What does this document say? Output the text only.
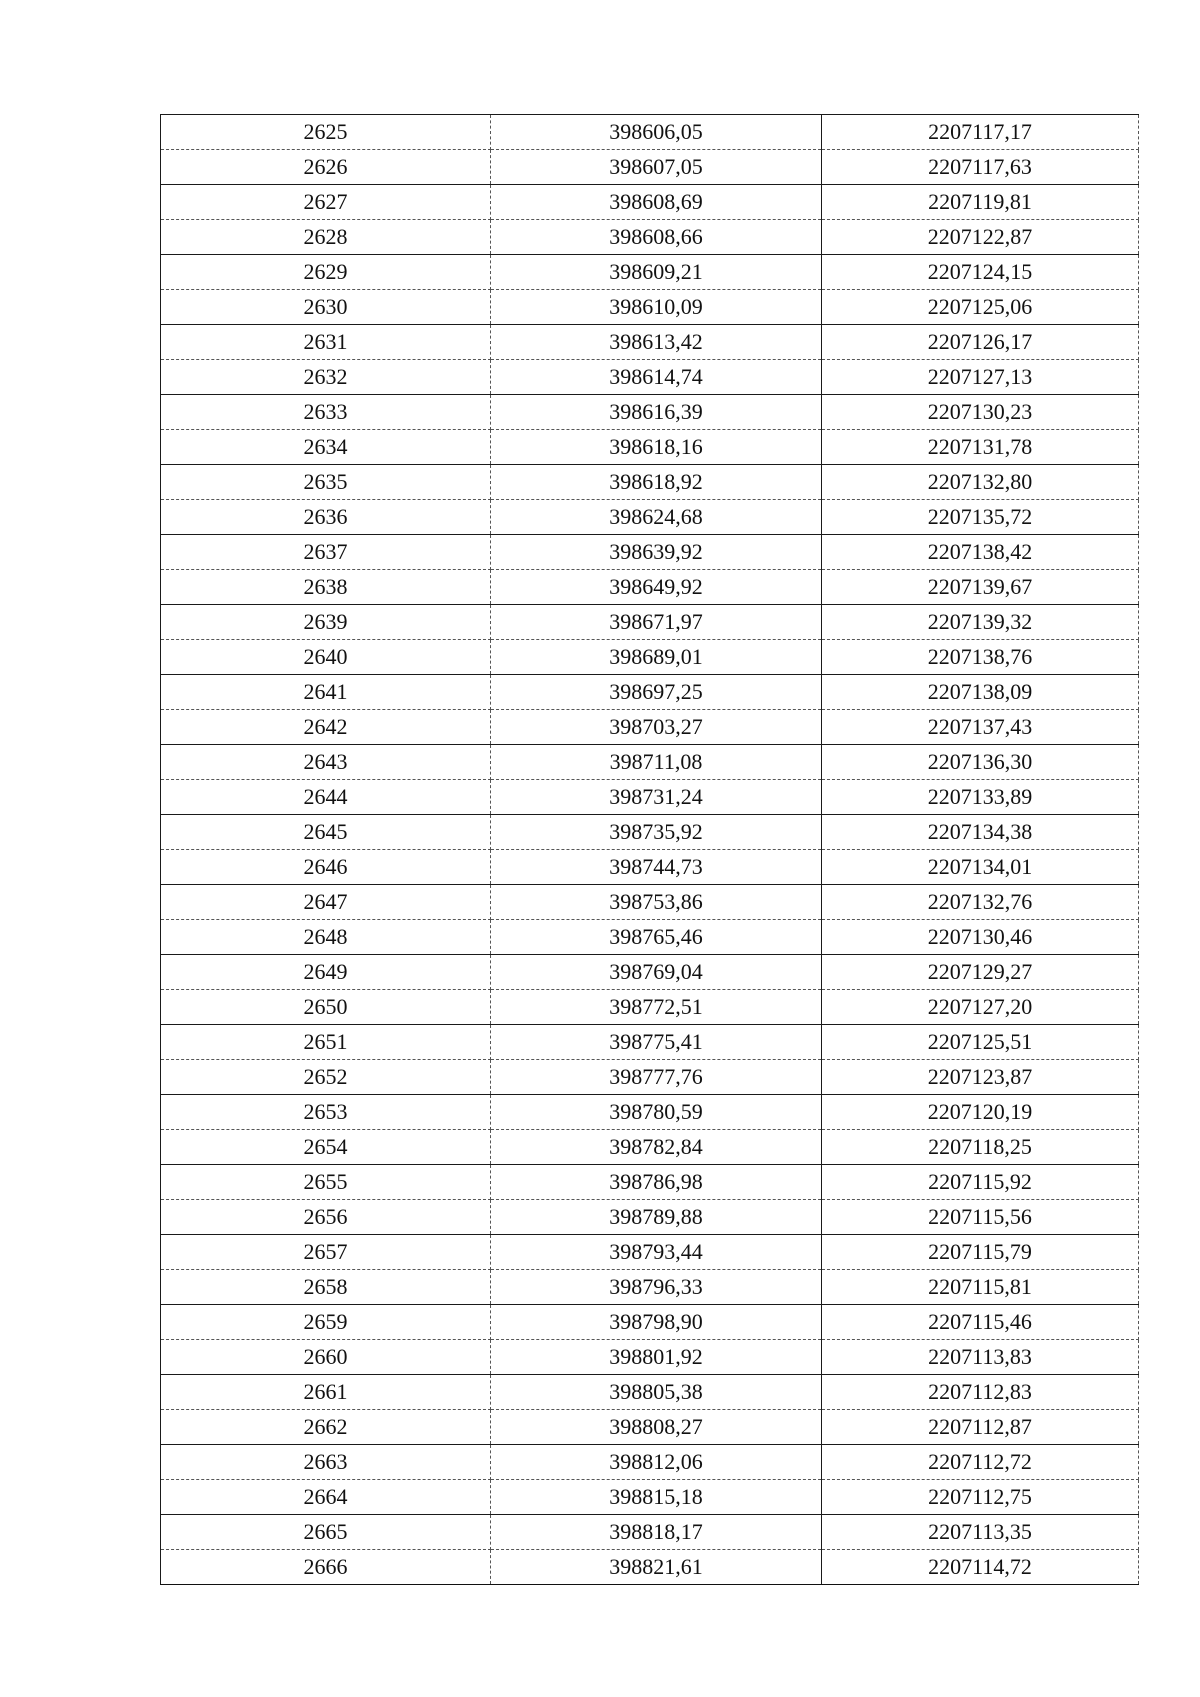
2625	398606,05	2207117,17
2626	398607,05	2207117,63
2627	398608,69	2207119,81
2628	398608,66	2207122,87
2629	398609,21	2207124,15
2630	398610,09	2207125,06
2631	398613,42	2207126,17
2632	398614,74	2207127,13
2633	398616,39	2207130,23
2634	398618,16	2207131,78
2635	398618,92	2207132,80
2636	398624,68	2207135,72
2637	398639,92	2207138,42
2638	398649,92	2207139,67
2639	398671,97	2207139,32
2640	398689,01	2207138,76
2641	398697,25	2207138,09
2642	398703,27	2207137,43
2643	398711,08	2207136,30
2644	398731,24	2207133,89
2645	398735,92	2207134,38
2646	398744,73	2207134,01
2647	398753,86	2207132,76
2648	398765,46	2207130,46
2649	398769,04	2207129,27
2650	398772,51	2207127,20
2651	398775,41	2207125,51
2652	398777,76	2207123,87
2653	398780,59	2207120,19
2654	398782,84	2207118,25
2655	398786,98	2207115,92
2656	398789,88	2207115,56
2657	398793,44	2207115,79
2658	398796,33	2207115,81
2659	398798,90	2207115,46
2660	398801,92	2207113,83
2661	398805,38	2207112,83
2662	398808,27	2207112,87
2663	398812,06	2207112,72
2664	398815,18	2207112,75
2665	398818,17	2207113,35
2666	398821,61	2207114,72
